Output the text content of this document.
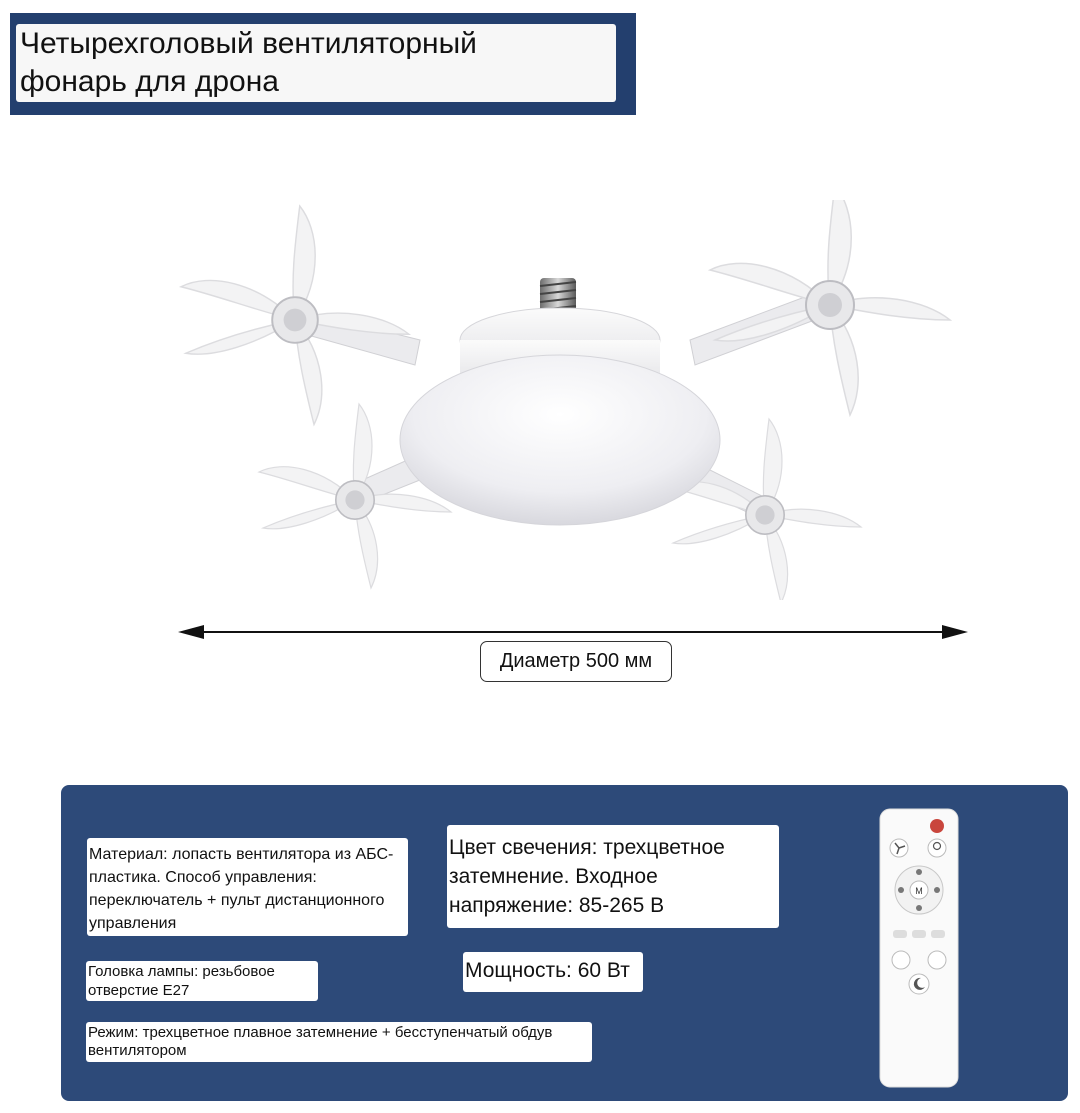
Четырехголовый вентиляторный
фонарь для дрона
Диаметр 500 мм
Материал: лопасть вентилятора из АБС-пластика. Способ управления: переключатель + пульт дистанционного управления
Цвет свечения: трехцветное затемнение. Входное напряжение: 85-265 В
Головка лампы: резьбовое отверстие E27
Мощность: 60 Вт
Режим: трехцветное плавное затемнение + бесступенчатый обдув вентилятором
M
